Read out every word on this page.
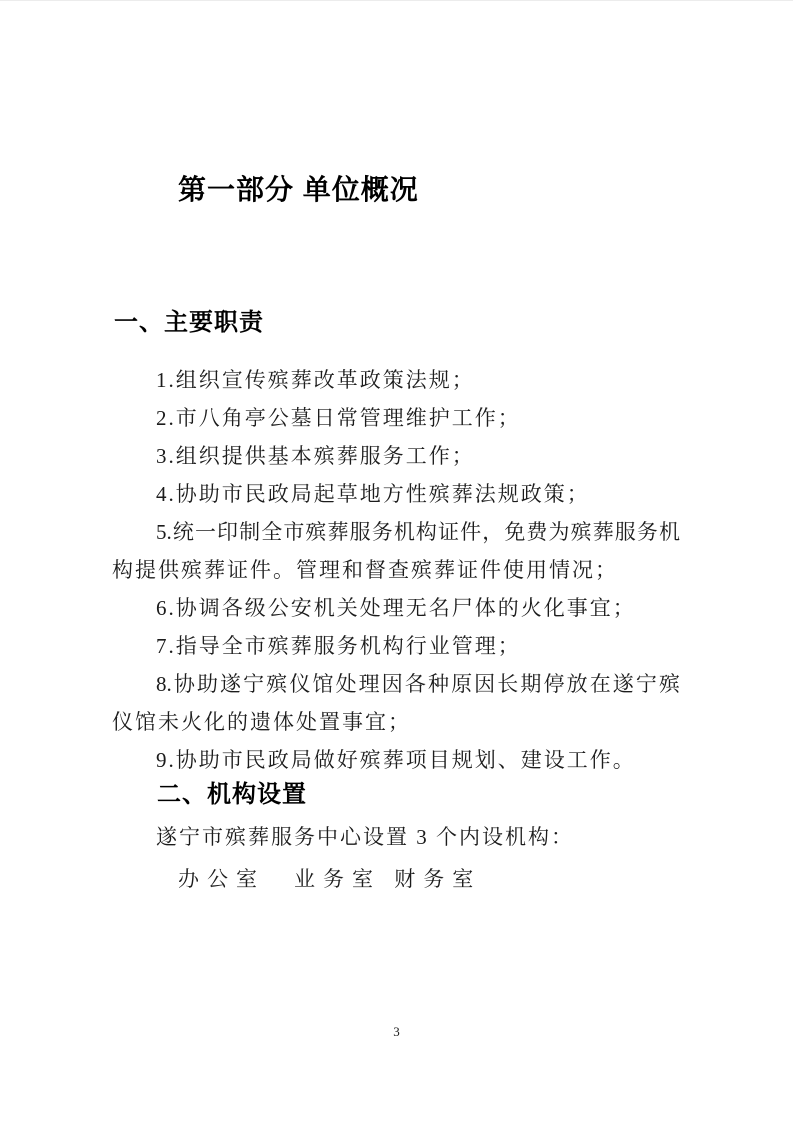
第一部分 单位概况
一、主要职责
1.组织宣传殡葬改革政策法规；
2.市八角亭公墓日常管理维护工作；
3.组织提供基本殡葬服务工作；
4.协助市民政局起草地方性殡葬法规政策；
5.统一印制全市殡葬服务机构证件，免费为殡葬服务机
构提供殡葬证件。管理和督查殡葬证件使用情况；
6.协调各级公安机关处理无名尸体的火化事宜；
7.指导全市殡葬服务机构行业管理；
8.协助遂宁殡仪馆处理因各种原因长期停放在遂宁殡
仪馆未火化的遗体处置事宜；
9.协助市民政局做好殡葬项目规划、建设工作。
二、机构设置
遂宁市殡葬服务中心设置 3 个内设机构：
办公室　业务室 财务室
3
